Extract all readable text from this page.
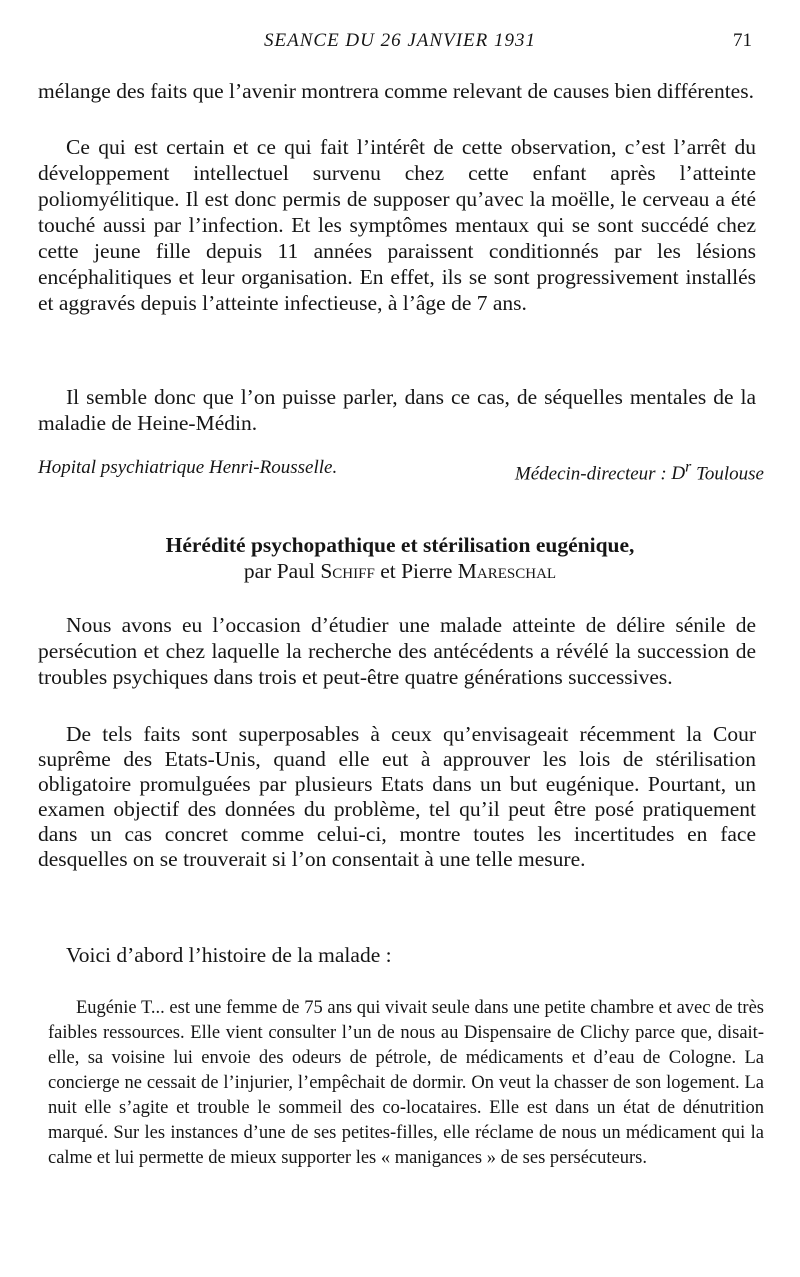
SEANCE DU 26 JANVIER 1931	71

mélange des faits que l’avenir montrera comme relevant de causes bien différentes.

Ce qui est certain et ce qui fait l’intérêt de cette observation, c’est l’arrêt du développement intellectuel survenu chez cette enfant après l’atteinte poliomyélitique. Il est donc permis de supposer qu’avec la moëlle, le cerveau a été touché aussi par l’infection. Et les symptômes mentaux qui se sont succédé chez cette jeune fille depuis 11 années paraissent conditionnés par les lésions encéphalitiques et leur organisation. En effet, ils se sont progressivement installés et aggravés depuis l’atteinte infectieuse, à l’âge de 7 ans.

Il semble donc que l’on puisse parler, dans ce cas, de séquelles mentales de la maladie de Heine-Médin.

Hopital psychiatrique Henri-Rousselle.	Médecin-directeur : $D^r$ Toulouse
Hérédité psychopathique et stérilisation eugénique,
par Paul Schiff et Pierre Mareschal

Nous avons eu l’occasion d’étudier une malade atteinte de délire sénile de persécution et chez laquelle la recherche des antécédents a révélé la succession de troubles psychiques dans trois et peut-être quatre générations successives.

De tels faits sont superposables à ceux qu’envisageait récemment la Cour suprême des Etats-Unis, quand elle eut à approuver les lois de stérilisation obligatoire promulguées par plusieurs Etats dans un but eugénique. Pourtant, un examen objectif des données du problème, tel qu’il peut être posé pratiquement dans un cas concret comme celui-ci, montre toutes les incertitudes en face desquelles on se trouverait si l’on consentait à une telle mesure.

Voici d’abord l’histoire de la malade :

Eugénie T... est une femme de 75 ans qui vivait seule dans une petite chambre et avec de très faibles ressources. Elle vient consulter l’un de nous au Dispensaire de Clichy parce que, disait-elle, sa voisine lui envoie des odeurs de pétrole, de médicaments et d’eau de Cologne. La concierge ne cessait de l’injurier, l’empêchait de dormir. On veut la chasser de son logement. La nuit elle s’agite et trouble le sommeil des co-locataires. Elle est dans un état de dénutrition marqué. Sur les instances d’une de ses petites-filles, elle réclame de nous un médicament qui la calme et lui permette de mieux supporter les « manigances » de ses persécuteurs.
